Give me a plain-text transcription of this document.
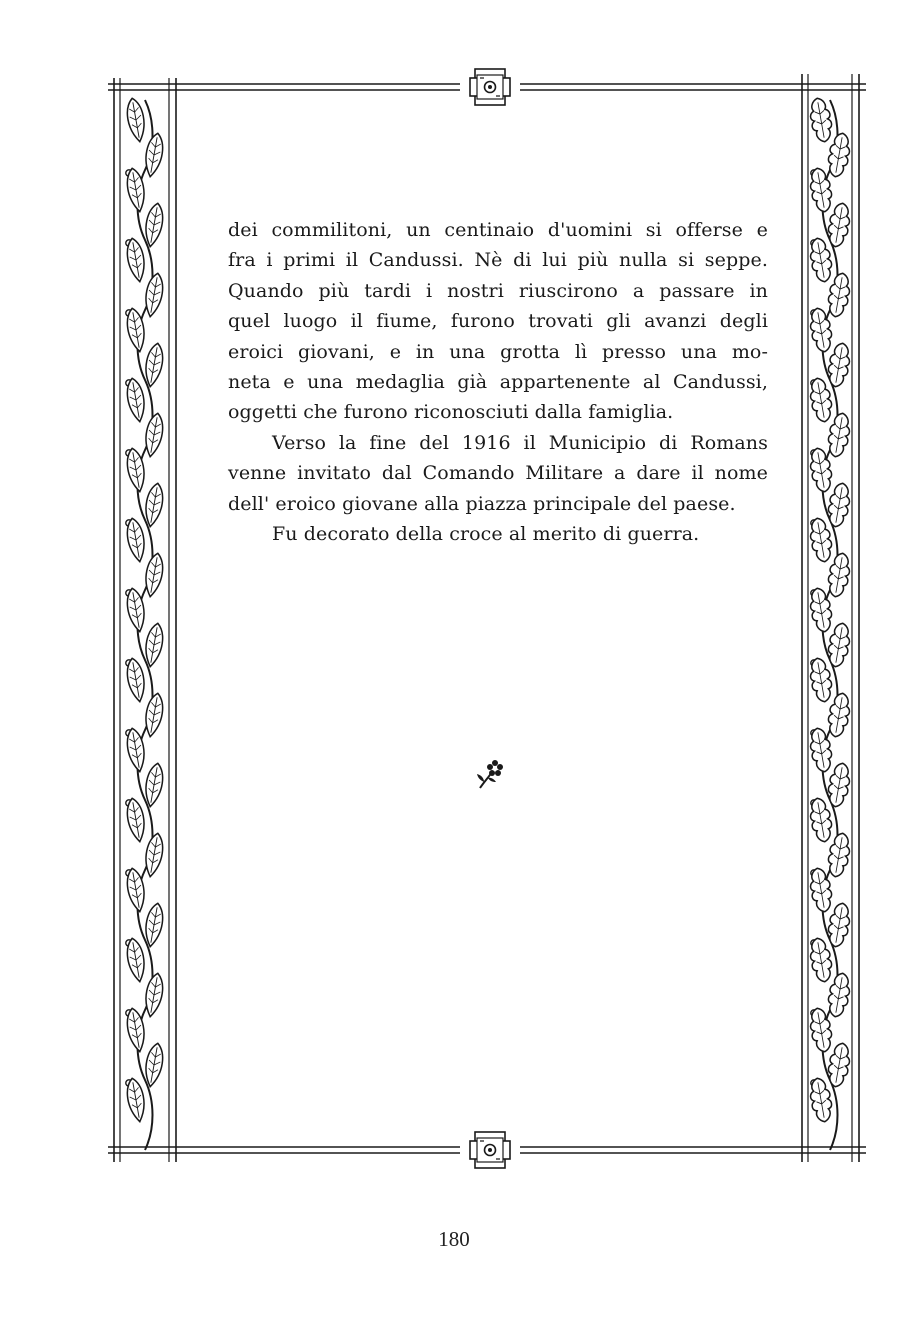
dei commilitoni, un centinaio d'uomini si offerse e
fra i primi il Candussi. Nè di lui più nulla si seppe.
Quando più tardi i nostri riuscirono a passare in
quel luogo il fiume, furono trovati gli avanzi degli
eroici giovani, e in una grotta lì presso una mo-
neta e una medaglia già appartenente al Candussi,
oggetti che furono riconosciuti dalla famiglia.
Verso la fine del 1916 il Municipio di Romans
venne invitato dal Comando Militare a dare il nome
dell' eroico giovane alla piazza principale del paese.
Fu decorato della croce al merito di guerra.
180
